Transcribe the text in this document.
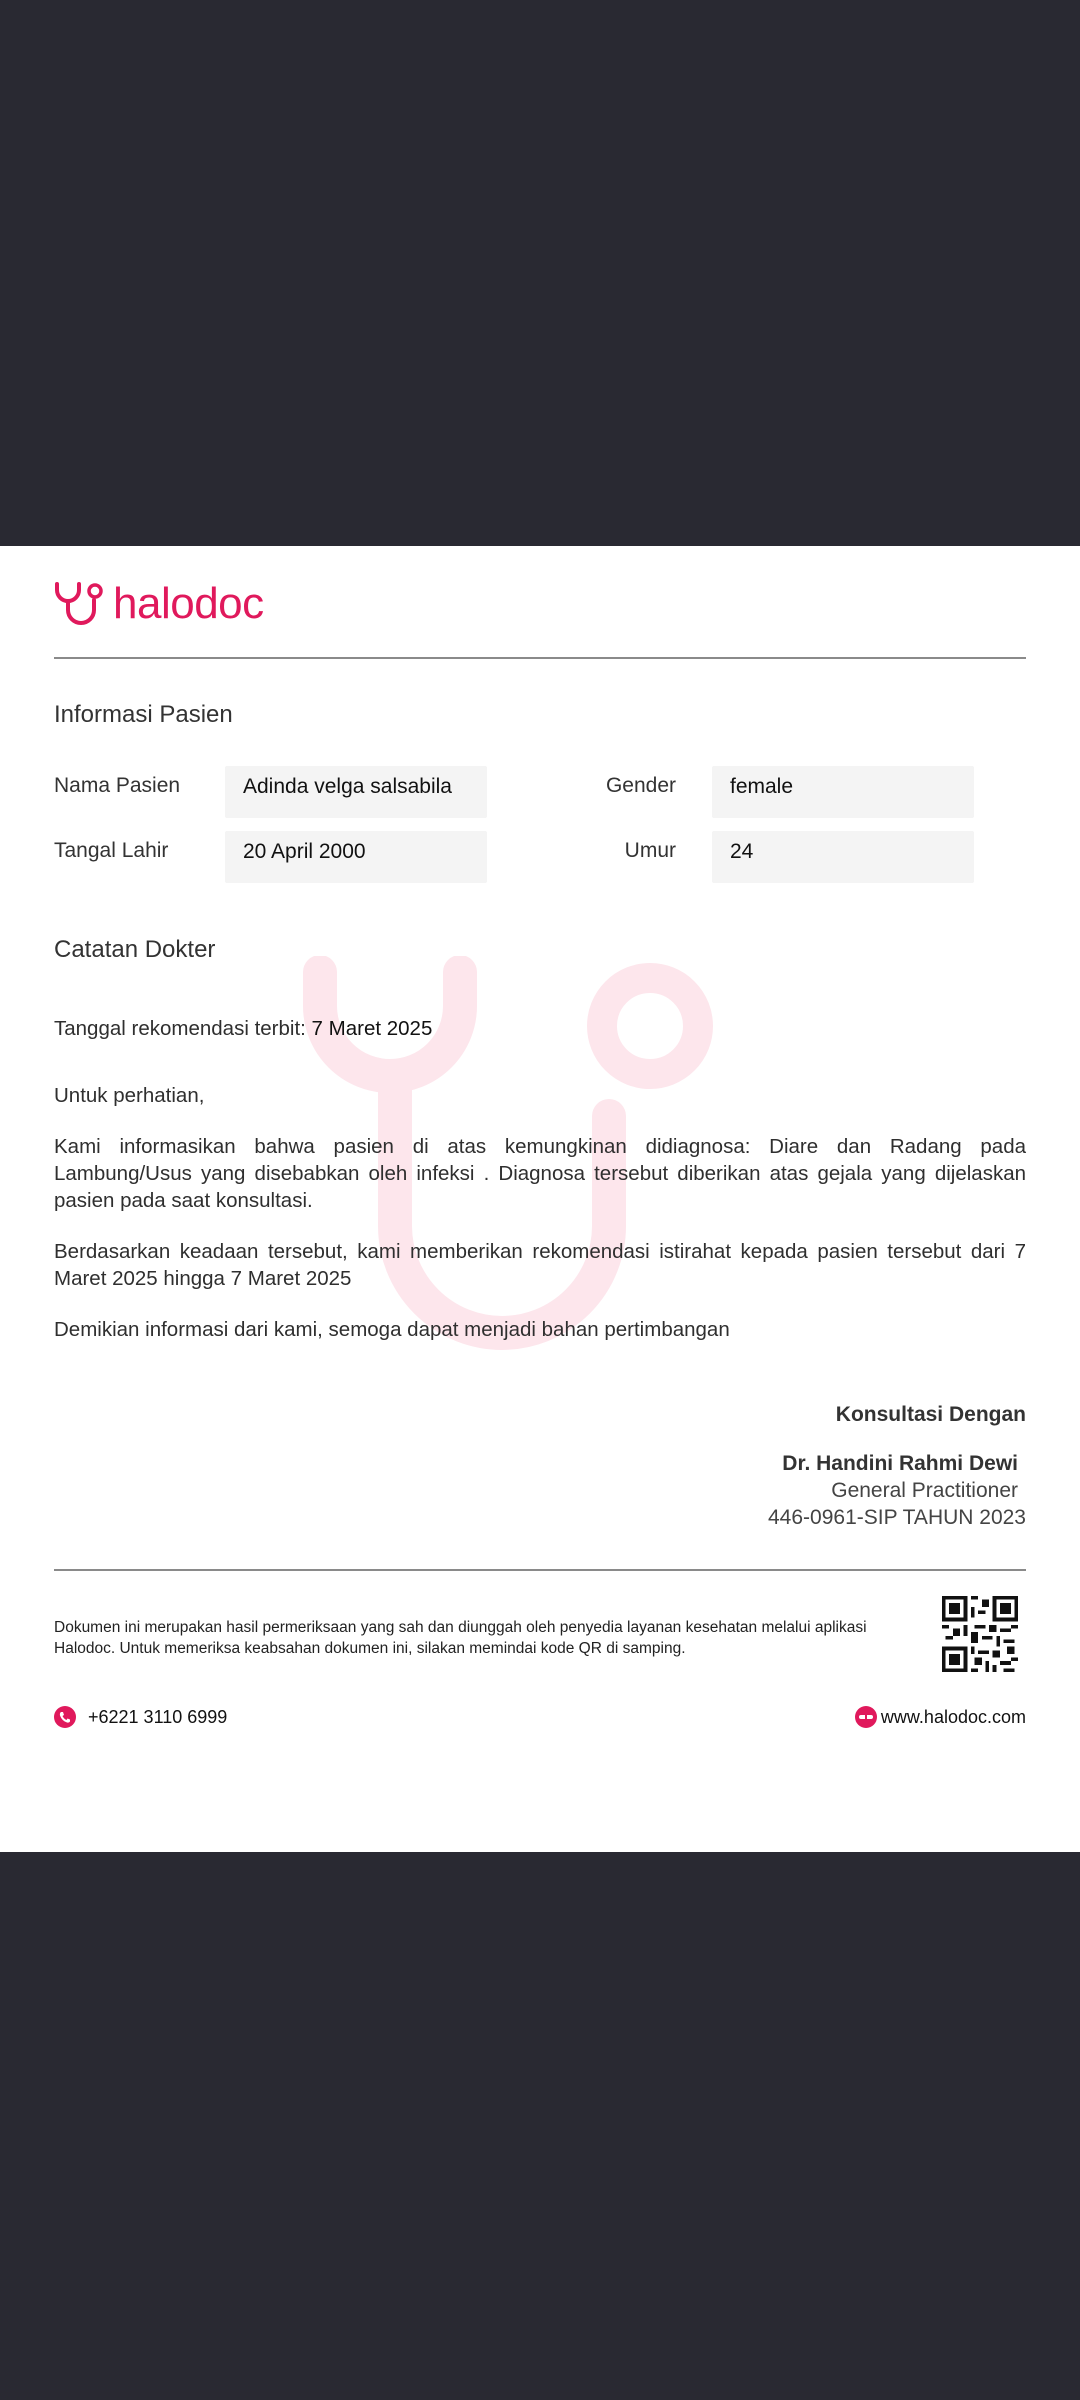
halodoc
Informasi Pasien
Nama Pasien	Adinda velga salsabila	Gender	female
Tangal Lahir	20 April 2000	Umur	24
Catatan Dokter
Tanggal rekomendasi terbit: 7 Maret 2025
Untuk perhatian,
Kami informasikan bahwa pasien di atas kemungkinan didiagnosa: Diare dan Radang pada Lambung/Usus yang disebabkan oleh infeksi . Diagnosa tersebut diberikan atas gejala yang dijelaskan pasien pada saat konsultasi.
Berdasarkan keadaan tersebut, kami memberikan rekomendasi istirahat kepada pasien tersebut dari 7 Maret 2025 hingga 7 Maret 2025
Demikian informasi dari kami, semoga dapat menjadi bahan pertimbangan
Konsultasi Dengan
Dr. Handini Rahmi Dewi
General Practitioner
446-0961-SIP TAHUN 2023
Dokumen ini merupakan hasil permeriksaan yang sah dan diunggah oleh penyedia layanan kesehatan melalui aplikasi Halodoc. Untuk memeriksa keabsahan dokumen ini, silakan memindai kode QR di samping.
+6221 3110 6999	www.halodoc.com
